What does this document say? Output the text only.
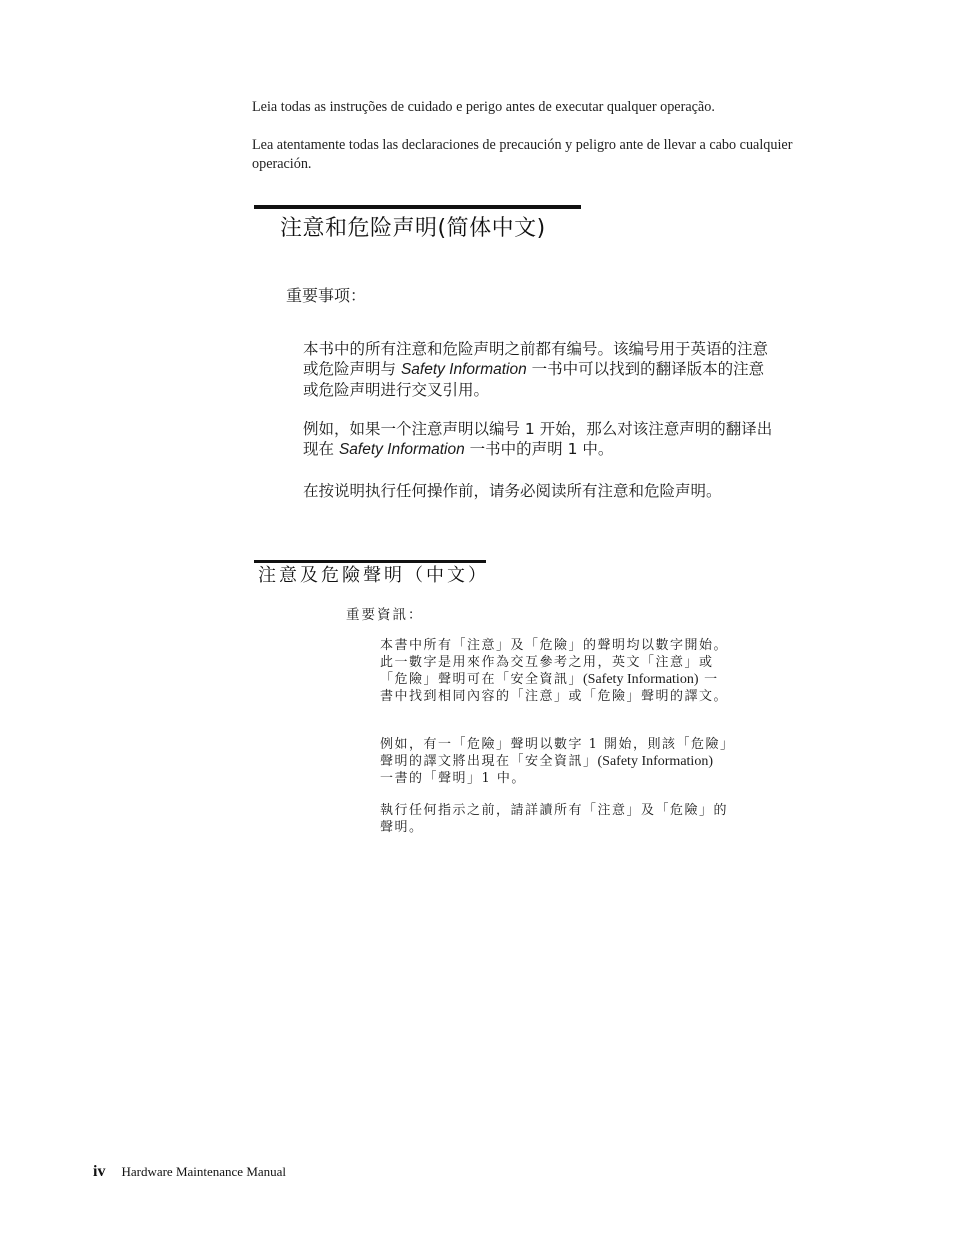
Leia todas as instruções de cuidado e perigo antes de executar qualquer operação.

Lea atentamente todas las declaraciones de precaución y peligro ante de llevar a cabo cualquier operación.

注意和危险声明(简体中文)
重要事项：

本书中的所有注意和危险声明之前都有编号。该编号用于英语的注意或危险声明与 Safety Information 一书中可以找到的翻译版本的注意或危险声明进行交叉引用。

例如，如果一个注意声明以编号 1 开始，那么对该注意声明的翻译出现在 Safety Information 一书中的声明 1 中。

在按说明执行任何操作前，请务必阅读所有注意和危险声明。

注意及危險聲明（中文）
重要資訊：

本書中所有「注意」及「危險」的聲明均以數字開始。此一數字是用來作為交互參考之用，英文「注意」或「危險」聲明可在「安全資訊」(Safety Information) 一書中找到相同內容的「注意」或「危險」聲明的譯文。

例如，有一「危險」聲明以數字 1 開始，則該「危險」聲明的譯文將出現在「安全資訊」(Safety Information) 一書的「聲明」1 中。

執行任何指示之前，請詳讀所有「注意」及「危險」的聲明。

iv Hardware Maintenance Manual
